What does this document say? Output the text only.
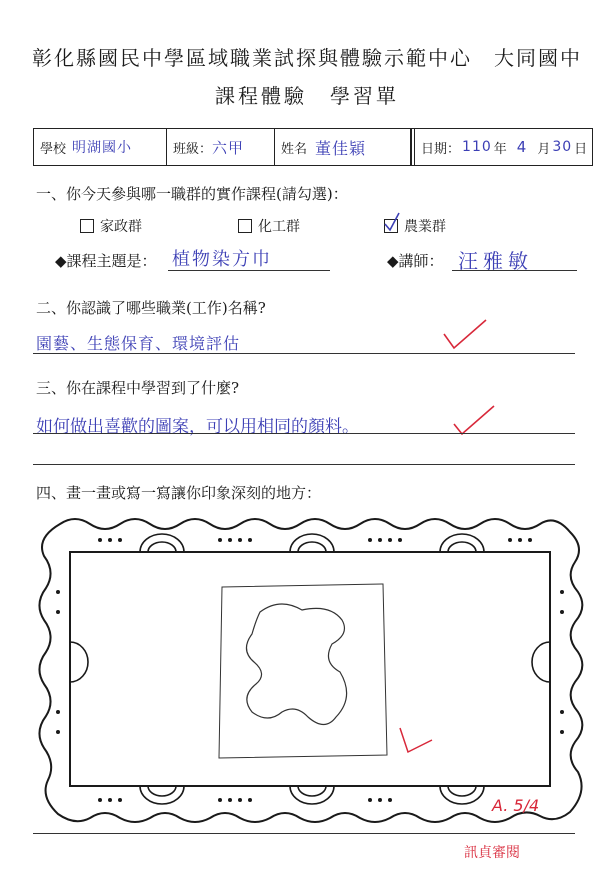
彰化縣國民中學區域職業試探與體驗示範中心　大同國中
課程體驗　學習單
學校 明湖國小	班級 ： 六甲	姓名 董佳穎	日期 ： 110 年 4 月 30 日
一、你今天參與哪一職群的實作課程(請勾選)：
家政群	化工群	農業群
◆課程主題是： 植物染方巾	◆講師： 汪雅敏
二、你認識了哪些職業(工作)名稱?
園藝、生態保育、環境評估
三、你在課程中學習到了什麼?
如何做出喜歡的圖案，可以用相同的顏料。
四、畫一畫或寫一寫讓你印象深刻的地方：
A. 5/4
訊貞審閱
